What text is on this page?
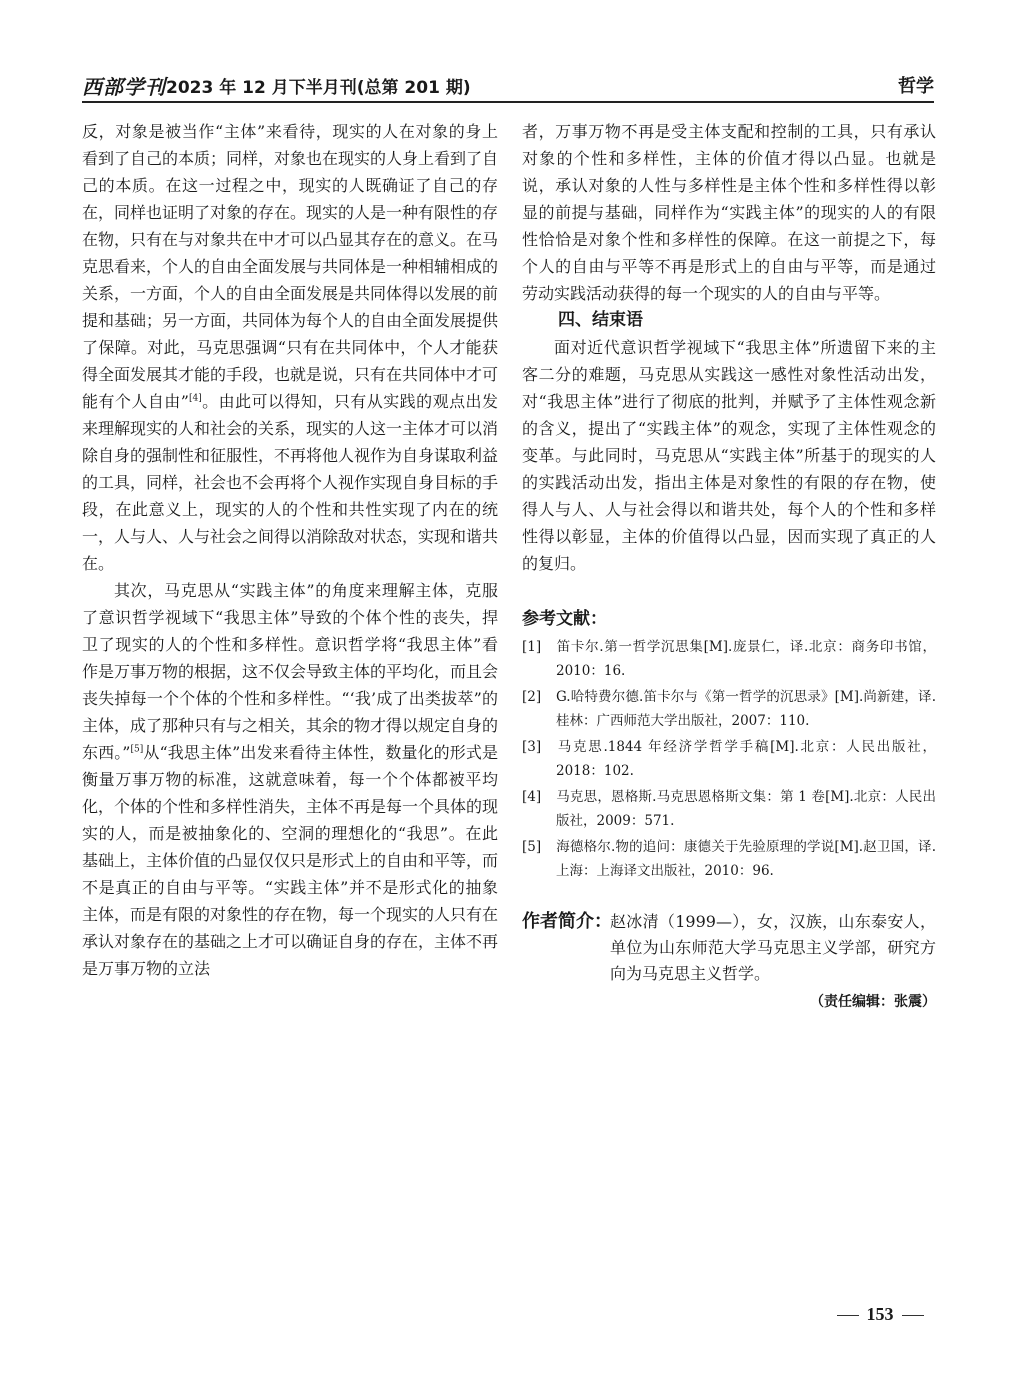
西部学刊 2023 年 12 月下半月刊(总第 201 期)	哲学

反，对象是被当作“主体”来看待，现实的人在对象的身上看到了自己的本质；同样，对象也在现实的人身上看到了自己的本质。在这一过程之中，现实的人既确证了自己的存在，同样也证明了对象的存在。现实的人是一种有限性的存在物，只有在与对象共在中才可以凸显其存在的意义。在马克思看来，个人的自由全面发展与共同体是一种相辅相成的关系，一方面，个人的自由全面发展是共同体得以发展的前提和基础；另一方面，共同体为每个人的自由全面发展提供了保障。对此，马克思强调“只有在共同体中，个人才能获得全面发展其才能的手段，也就是说，只有在共同体中才可能有个人自由”[4]。由此可以得知，只有从实践的观点出发来理解现实的人和社会的关系，现实的人这一主体才可以消除自身的强制性和征服性，不再将他人视作为自身谋取利益的工具，同样，社会也不会再将个人视作实现自身目标的手段，在此意义上，现实的人的个性和共性实现了内在的统一，人与人、人与社会之间得以消除敌对状态，实现和谐共在。

其次，马克思从“实践主体”的角度来理解主体，克服了意识哲学视域下“我思主体”导致的个体个性的丧失，捍卫了现实的人的个性和多样性。意识哲学将“我思主体”看作是万事万物的根据，这不仅会导致主体的平均化，而且会丧失掉每一个个体的个性和多样性。“‘我’成了出类拔萃”的主体，成了那种只有与之相关，其余的物才得以规定自身的东西。”[5]从“我思主体”出发来看待主体性，数量化的形式是衡量万事万物的标准，这就意味着，每一个个体都被平均化，个体的个性和多样性消失，主体不再是每一个具体的现实的人，而是被抽象化的、空洞的理想化的“我思”。在此基础上，主体价值的凸显仅仅只是形式上的自由和平等，而不是真正的自由与平等。“实践主体”并不是形式化的抽象主体，而是有限的对象性的存在物，每一个现实的人只有在承认对象存在的基础之上才可以确证自身的存在，主体不再是万事万物的立法

者，万事万物不再是受主体支配和控制的工具，只有承认对象的个性和多样性，主体的价值才得以凸显。也就是说，承认对象的人性与多样性是主体个性和多样性得以彰显的前提与基础，同样作为“实践主体”的现实的人的有限性恰恰是对象个性和多样性的保障。在这一前提之下，每个人的自由与平等不再是形式上的自由与平等，而是通过劳动实践活动获得的每一个现实的人的自由与平等。

四、结束语

面对近代意识哲学视域下“我思主体”所遗留下来的主客二分的难题，马克思从实践这一感性对象性活动出发，对“我思主体”进行了彻底的批判，并赋予了主体性观念新的含义，提出了“实践主体”的观念，实现了主体性观念的变革。与此同时，马克思从“实践主体”所基于的现实的人的实践活动出发，指出主体是对象性的有限的存在物，使得人与人、人与社会得以和谐共处，每个人的个性和多样性得以彰显，主体的价值得以凸显，因而实现了真正的人的复归。

参考文献：
[1] 笛卡尔.第一哲学沉思集[M].庞景仁，译.北京：商务印书馆，2010：16.
[2] G.哈特费尔德.笛卡尔与《第一哲学的沉思录》[M].尚新建，译.桂林：广西师范大学出版社，2007：110.
[3] 马克思.1844 年经济学哲学手稿[M].北京：人民出版社，2018：102.
[4] 马克思，恩格斯.马克思恩格斯文集：第 1 卷[M].北京：人民出版社，2009：571.
[5] 海德格尔.物的追问：康德关于先验原理的学说[M].赵卫国，译.上海：上海译文出版社，2010：96.
作者简介：
赵冰清（1999—），女，汉族，山东泰安人，单位为山东师范大学马克思主义学部，研究方向为马克思主义哲学。
（责任编辑：张震）
153
